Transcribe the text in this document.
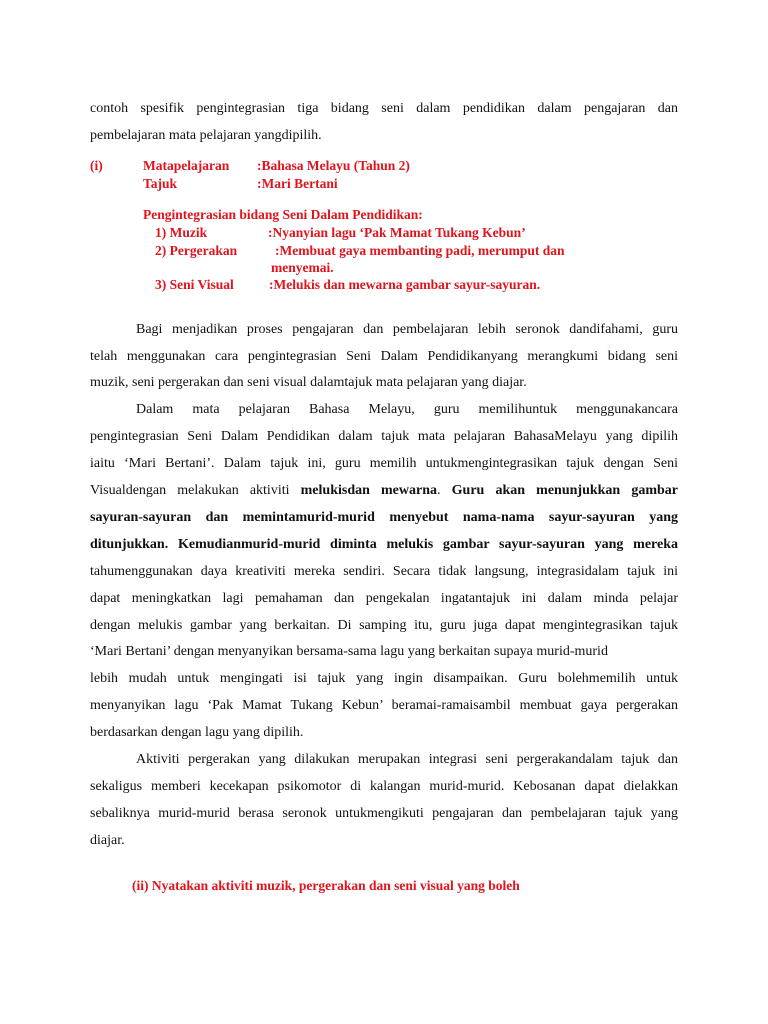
contoh spesifik pengintegrasian tiga bidang seni dalam pendidikan dalam pengajaran dan
pembelajaran mata pelajaran yangdipilih.
(i)	Matapelajaran :Bahasa Melayu (Tahun 2)
Tajuk	:Mari Bertani
Pengintegrasian bidang Seni Dalam Pendidikan:
1) Muzik	:Nyanyian lagu ‘Pak Mamat Tukang Kebun’
2) Pergerakan	:Membuat gaya membanting padi, merumput dan
menyemai.
3) Seni Visual	:Melukis dan mewarna gambar sayur-sayuran.
Bagi menjadikan proses pengajaran dan pembelajaran lebih seronok dandifahami, guru
telah menggunakan cara pengintegrasian Seni Dalam Pendidikanyang merangkumi bidang seni
muzik, seni pergerakan dan seni visual dalamtajuk mata pelajaran yang diajar.
Dalam mata pelajaran Bahasa Melayu, guru memilihuntuk menggunakancara
pengintegrasian Seni Dalam Pendidikan dalam tajuk mata pelajaran BahasaMelayu yang dipilih
iaitu ‘Mari Bertani’. Dalam tajuk ini, guru memilih untukmengintegrasikan tajuk dengan Seni
Visualdengan melakukan aktiviti melukisdan mewarna. Guru akan menunjukkan gambar
sayuran-sayuran dan memintamurid-murid menyebut nama-nama sayur-sayuran yang
ditunjukkan. Kemudianmurid-murid diminta melukis gambar sayur-sayuran yang mereka
tahumenggunakan daya kreativiti mereka sendiri. Secara tidak langsung, integrasidalam tajuk ini
dapat meningkatkan lagi pemahaman dan pengekalan ingatantajuk ini dalam minda pelajar
dengan melukis gambar yang berkaitan. Di samping itu, guru juga dapat mengintegrasikan tajuk
‘Mari Bertani’ dengan menyanyikan bersama-sama lagu yang berkaitan supaya murid-murid
lebih mudah untuk mengingati isi tajuk yang ingin disampaikan. Guru bolehmemilih untuk
menyanyikan lagu ‘Pak Mamat Tukang Kebun’ beramai-ramaisambil membuat gaya pergerakan
berdasarkan dengan lagu yang dipilih.
Aktiviti pergerakan yang dilakukan merupakan integrasi seni pergerakandalam tajuk dan
sekaligus memberi kecekapan psikomotor di kalangan murid-murid. Kebosanan dapat dielakkan
sebaliknya murid-murid berasa seronok untukmengikuti pengajaran dan pembelajaran tajuk yang
diajar.
(ii) Nyatakan aktiviti muzik, pergerakan dan seni visual yang boleh
